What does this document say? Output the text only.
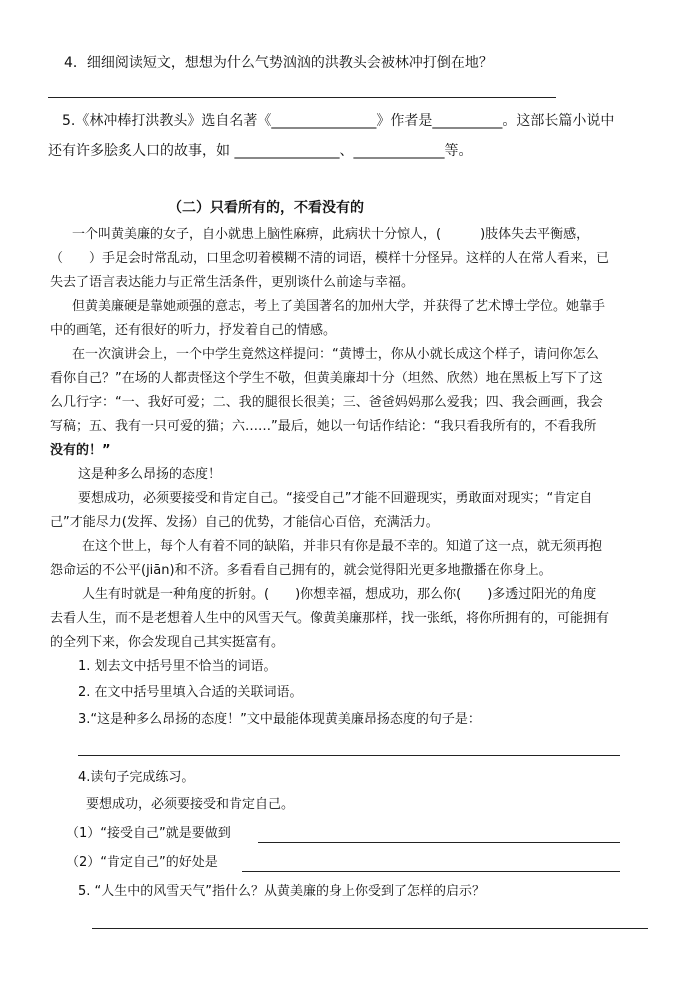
4．细细阅读短文，想想为什么气势汹汹的洪教头会被林冲打倒在地？
5.《林冲棒打洪教头》选自名著《_______________》作者是__________。这部长篇小说中
还有许多脍炙人口的故事，如 _______________、_____________等。
（二）只看所有的，不看没有的
一个叫黄美廉的女子，自小就患上脑性麻痹，此病状十分惊人，(　　　)肢体失去平衡感，
（　　）手足会时常乱动，口里念叨着模糊不清的词语，模样十分怪异。这样的人在常人看来，已
失去了语言表达能力与正常生活条件，更别谈什么前途与幸福。
但黄美廉硬是靠她顽强的意志，考上了美国著名的加州大学，并获得了艺术博士学位。她靠手
中的画笔，还有很好的听力，抒发着自己的情感。
在一次演讲会上，一个中学生竟然这样提问：“黄博士，你从小就长成这个样子，请问你怎么
看你自己？”在场的人都责怪这个学生不敬，但黄美廉却十分（坦然、欣然）地在黑板上写下了这
么几行字：“一、我好可爱；二、我的腿很长很美；三、爸爸妈妈那么爱我；四、我会画画，我会
写稿；五、我有一只可爱的猫；六……”最后，她以一句话作结论：“我只看我所有的，不看我所
没有的！”
这是种多么昂扬的态度！
要想成功，必须要接受和肯定自己。“接受自己”才能不回避现实，勇敢面对现实；“肯定自
己”才能尽力(发挥、发扬）自己的优势，才能信心百倍，充满活力。
在这个世上，每个人有着不同的缺陷，并非只有你是最不幸的。知道了这一点，就无须再抱
怨命运的不公平(jiān)和不济。多看看自己拥有的，就会觉得阳光更多地撒播在你身上。
人生有时就是一种角度的折射。(　　)你想幸福，想成功，那么你(　　)多透过阳光的角度
去看人生，而不是老想着人生中的风雪天气。像黄美廉那样，找一张纸，将你所拥有的，可能拥有
的全列下来，你会发现自己其实挺富有。
1. 划去文中括号里不恰当的词语。
2. 在文中括号里填入合适的关联词语。
3.“这是种多么昂扬的态度！”文中最能体现黄美廉昂扬态度的句子是：
4.读句子完成练习。
要想成功，必须要接受和肯定自己。
（1）“接受自己”就是要做到
（2）“肯定自己”的好处是
5. “人生中的风雪天气”指什么？从黄美廉的身上你受到了怎样的启示？
